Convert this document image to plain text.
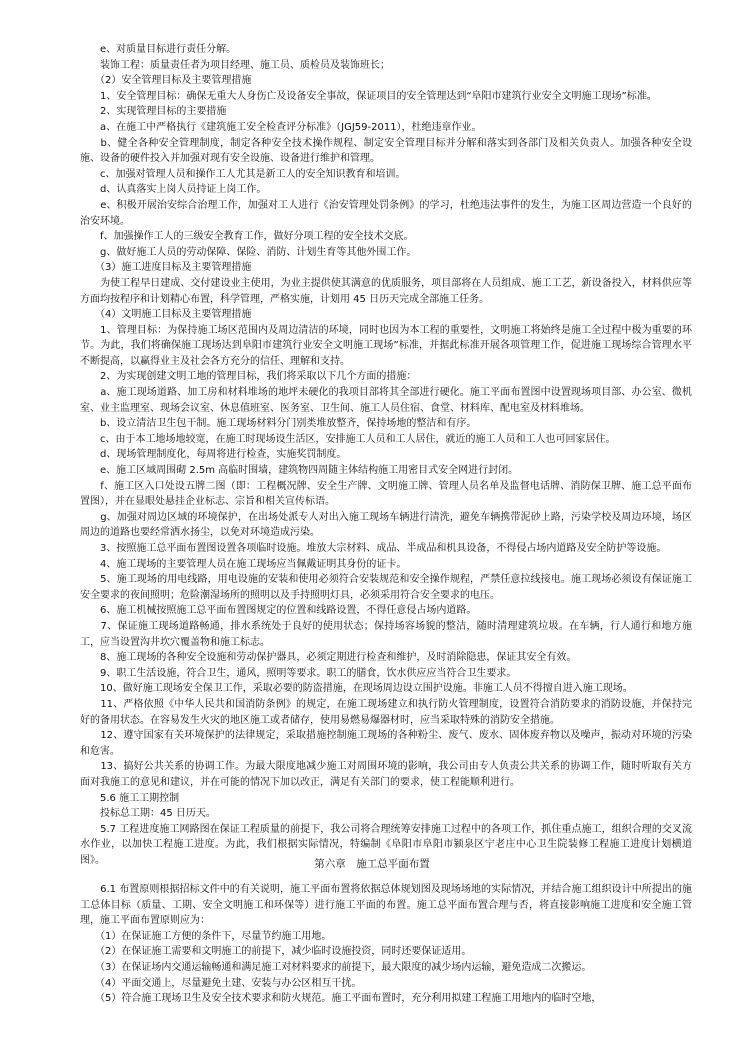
　　e、对质量目标进行责任分解。

　　装饰工程：质量责任者为项目经理、施工员、质检员及装饰班长；

　　（2）安全管理目标及主要管理措施

　　1、安全管理目标：确保无重大人身伤亡及设备安全事故，保证项目的安全管理达到“阜阳市建筑行业安全文明施工现场”标准。

　　2、实现管理目标的主要措施

　　a、在施工中严格执行《建筑施工安全检查评分标准》（JGJ59-2011），杜绝违章作业。

　　b、健全各种安全管理制度，制定各种安全技术操作规程、制定安全管理目标并分解和落实到各部门及相关负责人。加强各种安全设施、设备的硬件投入并加强对现有安全设施、设备进行维护和管理。

　　c、加强对管理人员和操作工人尤其是新工人的安全知识教育和培训。

　　d、认真落实上岗人员持证上岗工作。

　　e、积极开展治安综合治理工作，加强对工人进行《治安管理处罚条例》的学习，杜绝违法事件的发生，为施工区周边营造一个良好的治安环境。

　　f、加强操作工人的三级安全教育工作，做好分项工程的安全技术交底。

　　g、做好施工人员的劳动保障、保险、消防、计划生育等其他外围工作。

　　（3）施工进度目标及主要管理措施

　　为使工程早日建成、交付建设业主使用，为业主提供使其满意的优质服务，项目部将在人员组成、施工工艺，新设备投入，材料供应等方面均按程序和计划精心布置，科学管理，严格实施，计划用 45 日历天完成全部施工任务。

　　（4）文明施工目标及主要管理措施

　　1、管理目标：为保持施工场区范围内及周边清洁的环境，同时也因为本工程的重要性，文明施工将始终是施工全过程中极为重要的环节。为此，我们将确保施工现场达到阜阳市建筑行业安全文明施工现场”标准，并据此标准开展各项管理工作，促进施工现场综合管理水平不断提高，以赢得业主及社会各方充分的信任、理解和支持。

　　2、为实现创建文明工地的管理目标，我们将采取以下几个方面的措施：

　　a、施工现场道路、加工房和材料堆场的地坪未硬化的我项目部将其全部进行硬化。施工平面布置图中设置现场项目部、办公室、微机室、业主监理室、现场会议室、休息值班室、医务室、卫生间、施工人员住宿、食堂、材料库、配电室及材料堆场。

　　b、设立清洁卫生包干制。施工现场材料分门别类堆放整齐，保持场地的整洁和有序。

　　c、由于本工地场地较宽，在施工时现场设生活区，安排施工人员和工人居住，就近的施工人员和工人也可回家居住。

　　d、现场管理制度化，每周将进行检查，实施奖罚制度。

　　e、施工区域周围砌 2.5m 高临时围墙，建筑物四周随主体结构施工用密目式安全网进行封闭。

　　f、施工区入口处设五牌二图（即：工程概况牌、安全生产牌、文明施工牌、管理人员名单及监督电话牌、消防保卫牌、施工总平面布置图），并在显眼处悬挂企业标志、宗旨和相关宣传标语。

　　g、加强对周边区域的环境保护，在出场处派专人对出入施工现场车辆进行清洗，避免车辆携带泥砂上路，污染学校及周边环境，场区周边的道路也要经常洒水扬尘，以免对环境造成污染。

　　3、按照施工总平面布置图设置各项临时设施。堆放大宗材料、成品、半成品和机具设备，不得侵占场内道路及安全防护等设施。

　　4、施工现场的主要管理人员在施工现场应当佩戴证明其身份的证卡。

　　5、施工现场的用电线路，用电设施的安装和使用必须符合安装规范和安全操作规程，严禁任意拉线接电。施工现场必须设有保证施工安全要求的夜间照明；危险潮湿场所的照明以及手持照明灯具，必须采用符合安全要求的电压。

　　6、施工机械按照施工总平面布置图规定的位置和线路设置，不得任意侵占场内道路。

　　7、保证施工现场道路畅通，排水系统处于良好的使用状态；保持场容场貌的整洁，随时清理建筑垃圾。在车辆，行人通行和地方施工，应当设置沟井坎穴覆盖物和施工标志。

　　8、施工现场的各种安全设施和劳动保护器具，必须定期进行检查和维护，及时消除隐患，保证其安全有效。

　　9、职工生活设施，符合卫生，通风，照明等要求。职工的膳食，饮水供应应当符合卫生要求。

　　10、做好施工现场安全保卫工作，采取必要的防盗措施，在现场周边设立围护设施。非施工人员不得擅自进入施工现场。

　　11、严格依照《中华人民共和国消防条例》的规定，在施工现场建立和执行防火管理制度，设置符合消防要求的消防设施，并保持完好的备用状态。在容易发生火灾的地区施工或者储存，使用易燃易爆器材时，应当采取特殊的消防安全措施。

　　12、遵守国家有关环境保护的法律规定，采取措施控制施工现场的各种粉尘、废气、废水、固体废弃物以及噪声，振动对环境的污染和危害。

　　13、搞好公共关系的协调工作。为最大限度地减少施工对周围环境的影响，我公司由专人负责公共关系的协调工作，随时听取有关方面对我施工的意见和建议，并在可能的情况下加以改正，满足有关部门的要求，使工程能顺利进行。

　　5.6 施工工期控制

　　投标总工期：45 日历天。

　　5.7 工程进度施工网路图在保证工程质量的前提下，我公司将合理统筹安排施工过程中的各项工作，抓住重点施工，组织合理的交叉流水作业，以加快工程施工进度。为此，我们根据实际情况，特编制《阜阳市阜阳市颍泉区宁老庄中心卫生院装修工程施工进度计划横道图》。	第六章　施工总平面布置

　　6.1 布置原则根据招标文件中的有关说明，施工平面布置将依据总体规划图及现场场地的实际情况，并结合施工组织设计中所提出的施工总体目标（质量、工期、安全文明施工和环保等）进行施工平面的布置。施工总平面布置合理与否，将直接影响施工进度和安全施工管理，施工平面布置原则应为：

　　（1）在保证施工方便的条件下，尽量节约施工用地。

　　（2）在保证施工需要和文明施工的前提下，减少临时设施投资，同时还要保证适用。

　　（3）在保证场内交通运输畅通和满足施工对材料要求的前提下，最大限度的减少场内运输，避免造成二次搬运。

　　（4）平面交通上，尽量避免土建、安装与办公区相互干扰。

　　（5）符合施工现场卫生及安全技术要求和防火规范。施工平面布置时，充分利用拟建工程施工用地内的临时空地，
